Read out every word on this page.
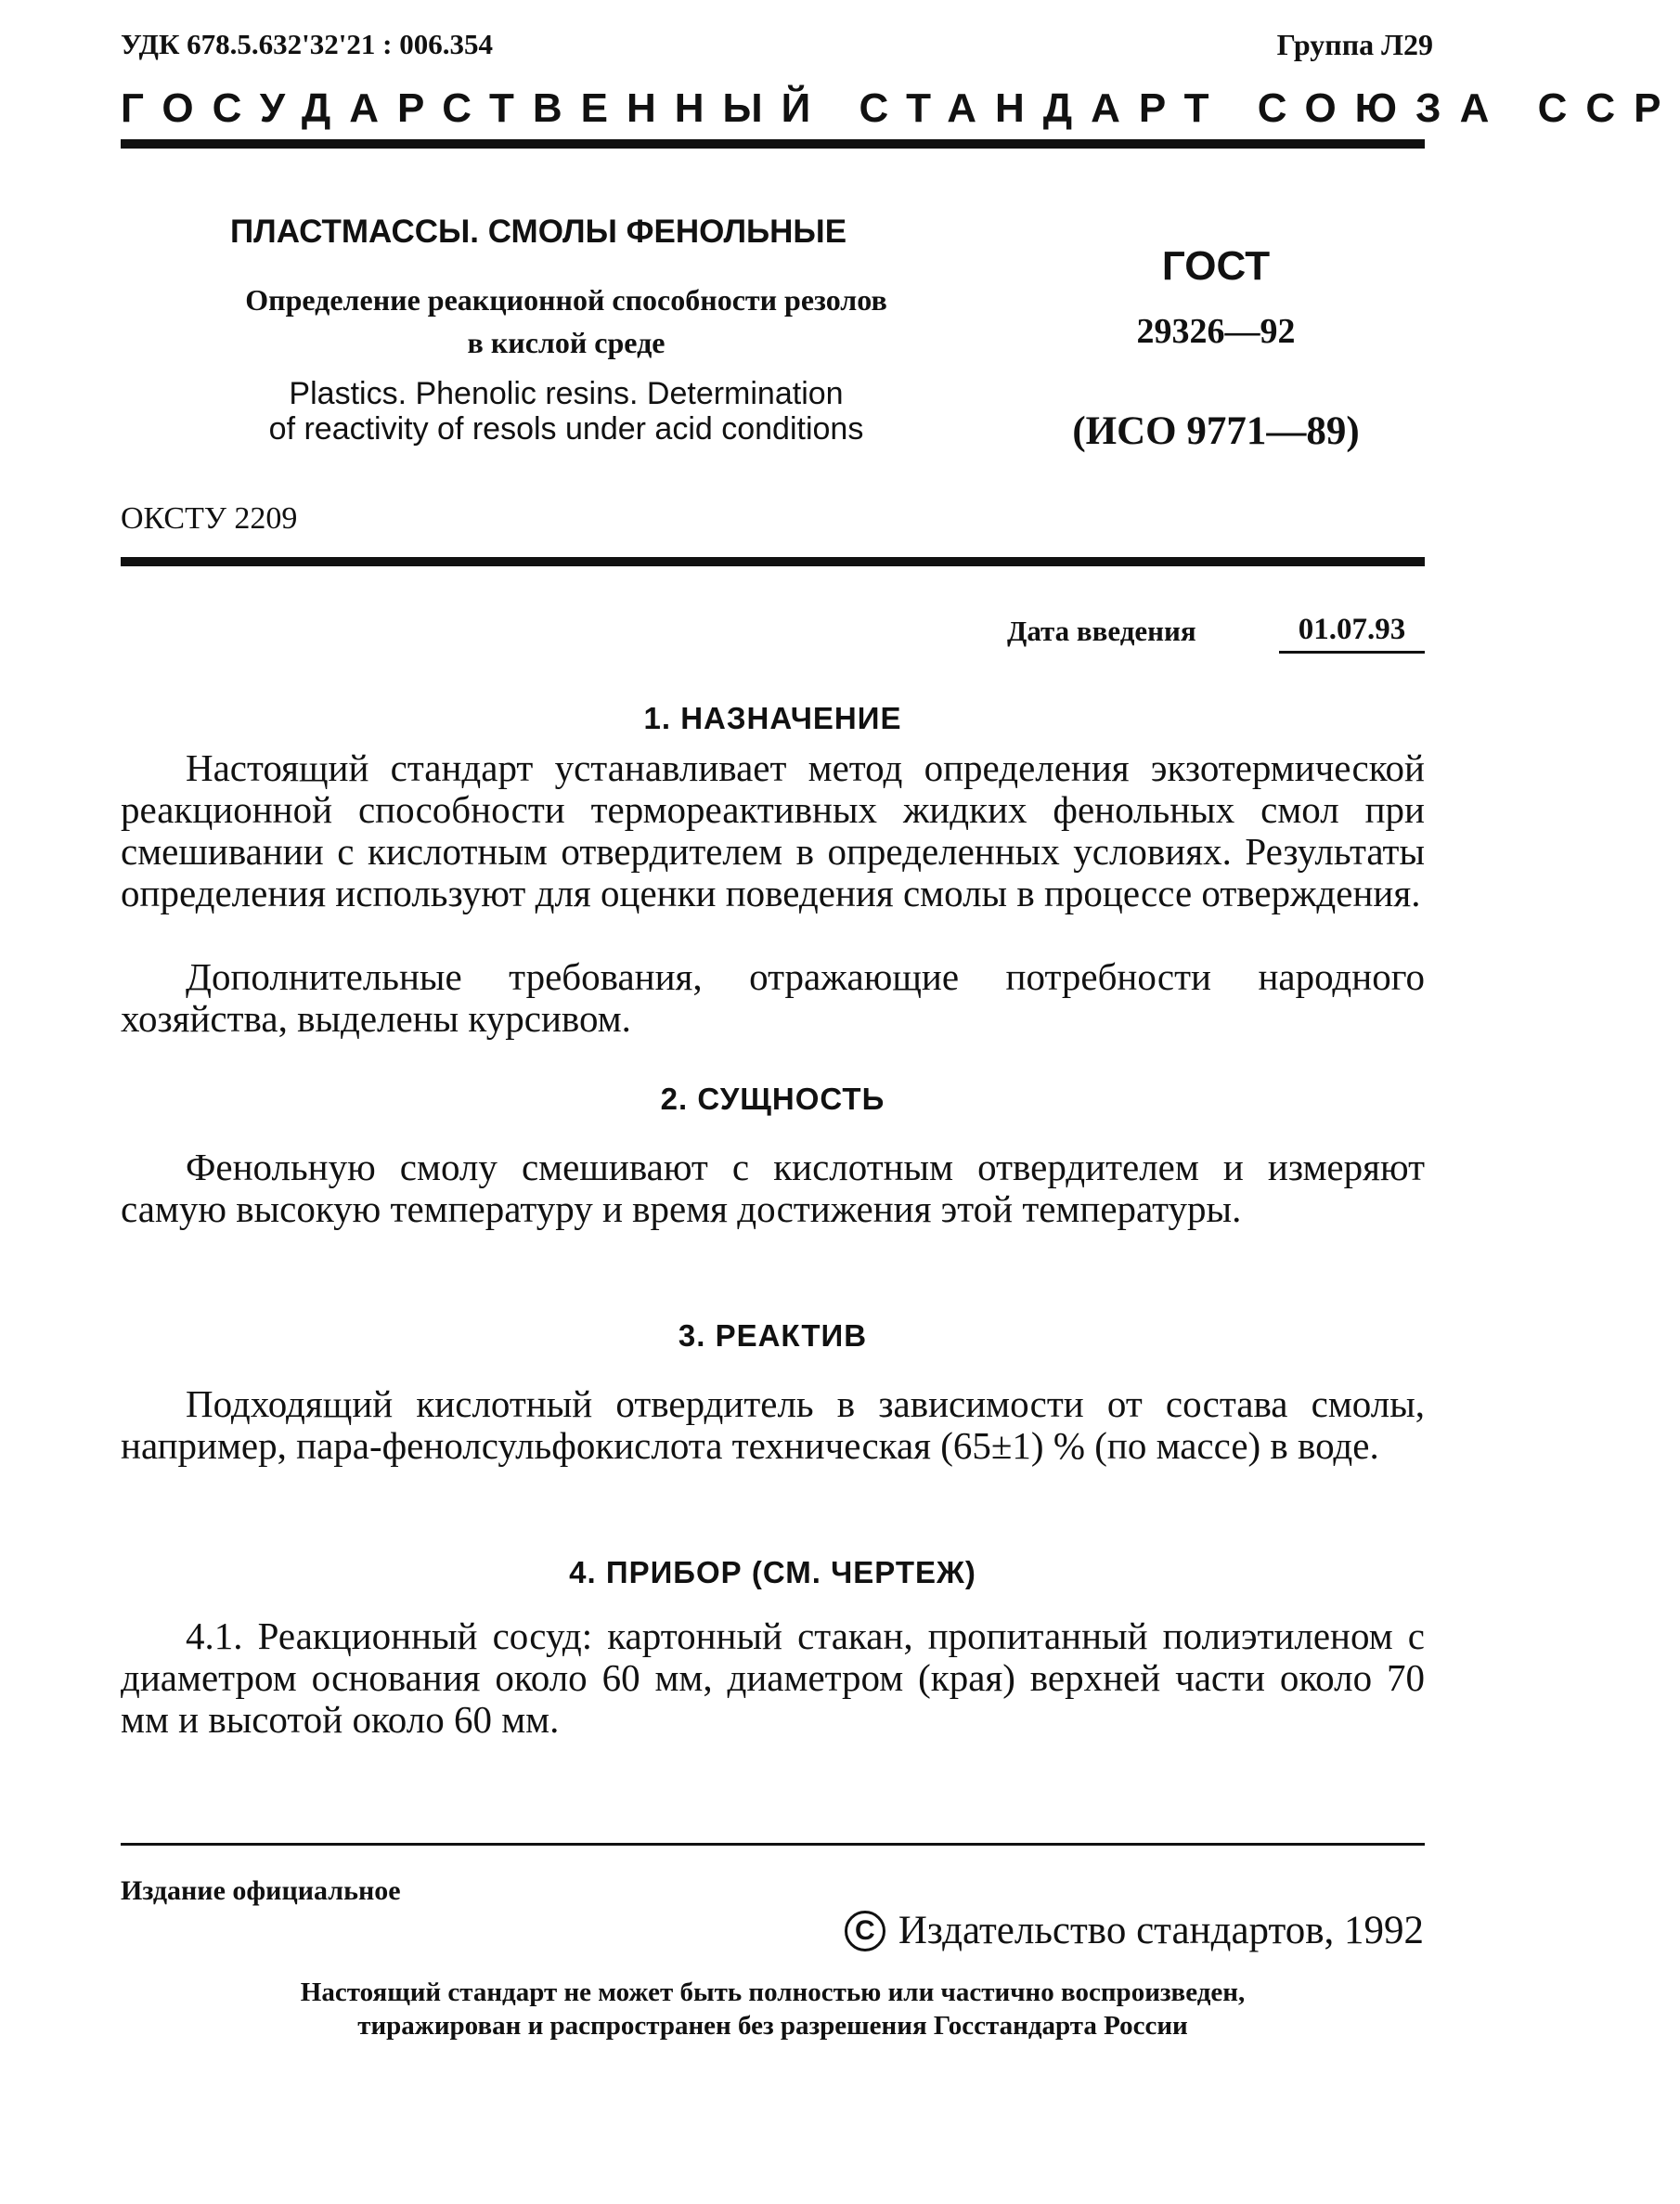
УДК 678.5.632'32'21 : 006.354	Группа Л29
ГОСУДАРСТВЕННЫЙ СТАНДАРТ СОЮЗА ССР
ПЛАСТМАССЫ. СМОЛЫ ФЕНОЛЬНЫЕ
Определение реакционной способности резолов
в кислой среде
Plastics. Phenolic resins. Determination
of reactivity of resols under acid conditions
ГОСТ
29326—92
(ИСО 9771—89)
ОКСТУ 2209
Дата введения	01.07.93
1. НАЗНАЧЕНИЕ
Настоящий стандарт устанавливает метод определения экзотермической реакционной способности термореактивных жидких фенольных смол при смешивании с кислотным отвердителем в определенных условиях. Результаты определения используют для оценки поведения смолы в процессе отверждения.
Дополнительные требования, отражающие потребности народного хозяйства, выделены курсивом.
2. СУЩНОСТЬ
Фенольную смолу смешивают с кислотным отвердителем и измеряют самую высокую температуру и время достижения этой температуры.
3. РЕАКТИВ
Подходящий кислотный отвердитель в зависимости от состава смолы, например, пара-фенолсульфокислота техническая (65±1) % (по массе) в воде.
4. ПРИБОР (СМ. ЧЕРТЕЖ)
4.1. Реакционный сосуд: картонный стакан, пропитанный полиэтиленом с диаметром основания около 60 мм, диаметром (края) верхней части около 70 мм и высотой около 60 мм.
Издание официальное
C Издательство стандартов, 1992
Настоящий стандарт не может быть полностью или частично воспроизведен,
тиражирован и распространен без разрешения Госстандарта России
